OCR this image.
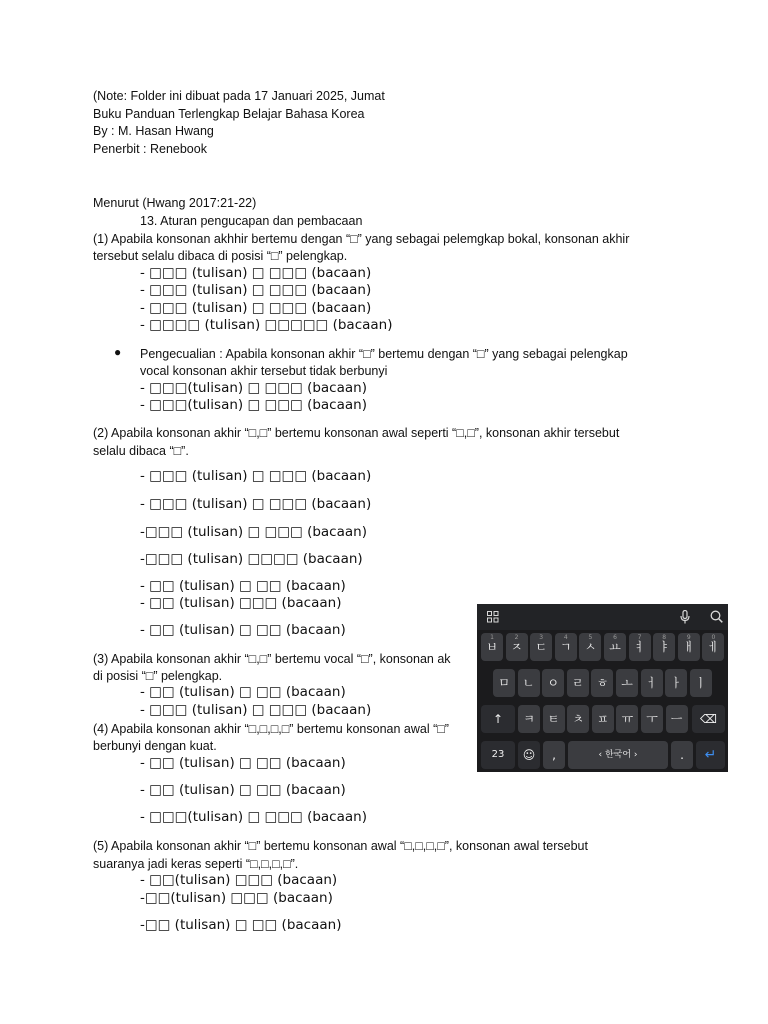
(Note: Folder ini dibuat pada 17 Januari 2025, Jumat
Buku Panduan Terlengkap Belajar Bahasa Korea
By : M. Hasan Hwang
Penerbit : Renebook
Menurut (Hwang 2017:21-22)
13. Aturan pengucapan dan pembacaan
(1) Apabila konsonan akhhir bertemu dengan “□” yang sebagai pelemgkap bokal, konsonan akhir
tersebut selalu dibaca di posisi “□” pelengkap.
- □□□ (tulisan) □ □□□ (bacaan)
- □□□ (tulisan) □ □□□ (bacaan)
- □□□ (tulisan) □ □□□ (bacaan)
- □□□□ (tulisan) □□□□□ (bacaan)
● Pengecualian : Apabila konsonan akhir “□” bertemu dengan “□” yang sebagai pelengkap
vocal konsonan akhir tersebut tidak berbunyi
- □□□(tulisan) □ □□□ (bacaan)
- □□□(tulisan) □ □□□ (bacaan)
(2) Apabila konsonan akhir “□,□” bertemu konsonan awal seperti “□,□”, konsonan akhir tersebut
selalu dibaca “□”.
- □□□ (tulisan) □ □□□ (bacaan)
- □□□ (tulisan) □ □□□ (bacaan)
-□□□ (tulisan) □ □□□ (bacaan)
-□□□ (tulisan) □□□□ (bacaan)
- □□ (tulisan) □ □□ (bacaan)
- □□ (tulisan) □□□ (bacaan)
- □□ (tulisan) □ □□ (bacaan)
(3) Apabila konsonan akhir “□,□” bertemu vocal “□”, konsonan ak
di posisi “□” pelengkap.
- □□ (tulisan) □ □□ (bacaan)
- □□□ (tulisan) □ □□□ (bacaan)
(4) Apabila konsonan akhir “□,□,□,□” bertemu konsonan awal “□”
berbunyi dengan kuat.
- □□ (tulisan) □ □□ (bacaan)
- □□ (tulisan) □ □□ (bacaan)
- □□□(tulisan) □ □□□ (bacaan)
(5) Apabila konsonan akhir “□” bertemu konsonan awal “□,□,□,□”, konsonan awal tersebut
suaranya jadi keras seperti “□,□,□,□”.
- □□(tulisan) □□□ (bacaan)
-□□(tulisan) □□□ (bacaan)
-□□ (tulisan) □ □□ (bacaan)
1
ㅂ
2
ㅈ
3
ㄷ
4
ㄱ
5
ㅅ
6
ㅛ
7
ㅕ
8
ㅑ
9
ㅐ
0
ㅔ
ㅁ	ㄴ	ㅇ	ㄹ	ㅎ	ㅗ	ㅓ	ㅏ	ㅣ
↑	ㅋ	ㅌ	ㅊ	ㅍ	ㅠ	ㅜ	ㅡ	⌫
23	☺	,	‹ 한국어 ›	.	↵
